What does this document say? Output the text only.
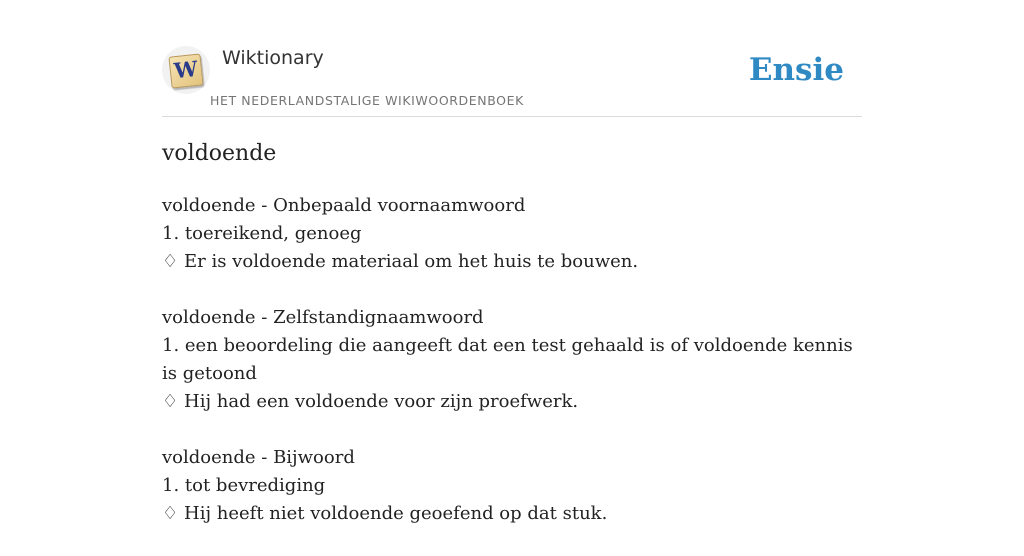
W Wiktionary
HET NEDERLANDSTALIGE WIKIWOORDENBOEK
Ensie
voldoende
voldoende - Onbepaald voornaamwoord
1. toereikend, genoeg
♢ Er is voldoende materiaal om het huis te bouwen.
voldoende - Zelfstandignaamwoord
1. een beoordeling die aangeeft dat een test gehaald is of voldoende kennis is getoond
♢ Hij had een voldoende voor zijn proefwerk.
voldoende - Bijwoord
1. tot bevrediging
♢ Hij heeft niet voldoende geoefend op dat stuk.
